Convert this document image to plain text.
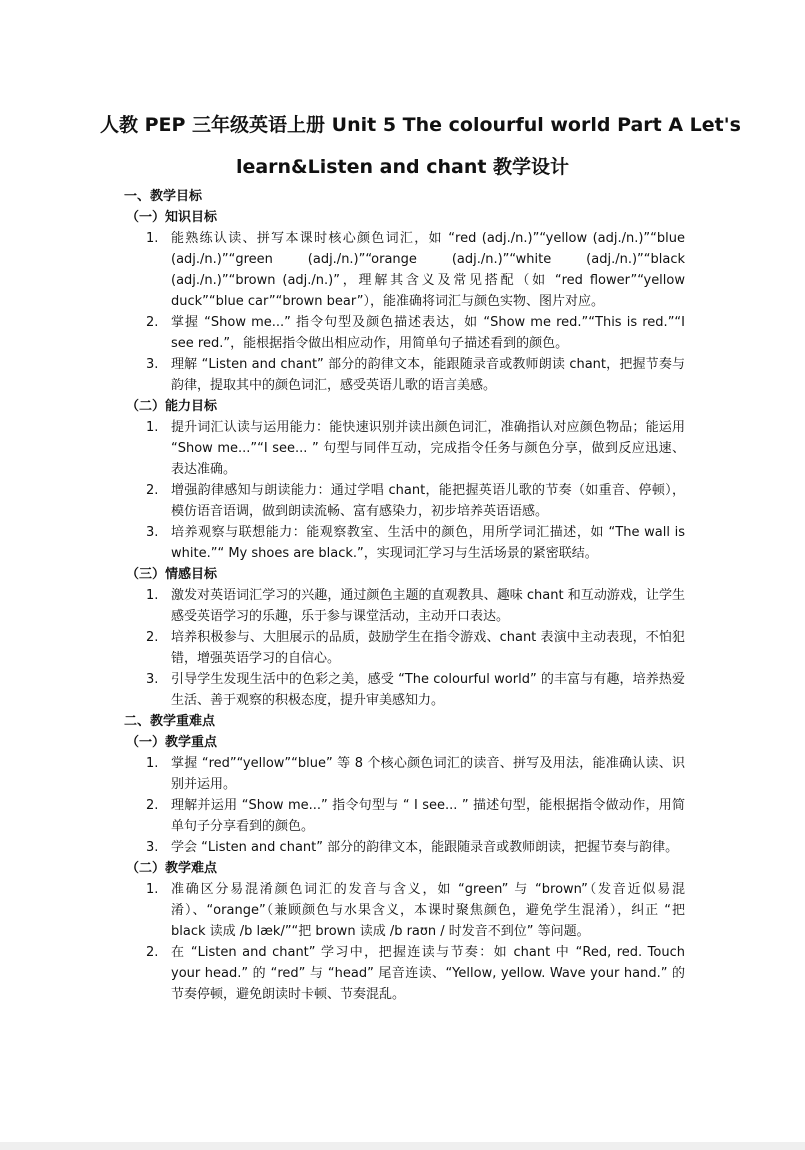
人教 PEP 三年级英语上册 Unit 5 The colourful world Part A Let's
learn&Listen and chant 教学设计
一、教学目标
（一）知识目标
1. 能熟练认读、拼写本课时核心颜色词汇，如 “red (adj./n.)”“yellow (adj./n.)”“blue (adj./n.)”“green (adj./n.)”“orange (adj./n.)”“white (adj./n.)”“black (adj./n.)”“brown (adj./n.)”，理解其含义及常见搭配（如 “red flower”“yellow duck”“blue car”“brown bear”），能准确将词汇与颜色实物、图片对应。
2. 掌握 “Show me...” 指令句型及颜色描述表达，如 “Show me red.”“This is red.”“I see red.”，能根据指令做出相应动作，用简单句子描述看到的颜色。
3. 理解 “Listen and chant” 部分的韵律文本，能跟随录音或教师朗读 chant，把握节奏与韵律，提取其中的颜色词汇，感受英语儿歌的语言美感。
（二）能力目标
1. 提升词汇认读与运用能力：能快速识别并读出颜色词汇，准确指认对应颜色物品；能运用 “Show me...”“I see... ” 句型与同伴互动，完成指令任务与颜色分享，做到反应迅速、表达准确。
2. 增强韵律感知与朗读能力：通过学唱 chant，能把握英语儿歌的节奏（如重音、停顿），模仿语音语调，做到朗读流畅、富有感染力，初步培养英语语感。
3. 培养观察与联想能力：能观察教室、生活中的颜色，用所学词汇描述，如 “The wall is white.”“ My shoes are black.”，实现词汇学习与生活场景的紧密联结。
（三）情感目标
1. 激发对英语词汇学习的兴趣，通过颜色主题的直观教具、趣味 chant 和互动游戏，让学生感受英语学习的乐趣，乐于参与课堂活动，主动开口表达。
2. 培养积极参与、大胆展示的品质，鼓励学生在指令游戏、chant 表演中主动表现，不怕犯错，增强英语学习的自信心。
3. 引导学生发现生活中的色彩之美，感受 “The colourful world” 的丰富与有趣，培养热爱生活、善于观察的积极态度，提升审美感知力。
二、教学重难点
（一）教学重点
1. 掌握 “red”“yellow”“blue” 等 8 个核心颜色词汇的读音、拼写及用法，能准确认读、识别并运用。
2. 理解并运用 “Show me...” 指令句型与 “ I see... ” 描述句型，能根据指令做动作，用简单句子分享看到的颜色。
3. 学会 “Listen and chant” 部分的韵律文本，能跟随录音或教师朗读，把握节奏与韵律。
（二）教学难点
1. 准确区分易混淆颜色词汇的发音与含义，如 “green” 与 “brown”（发音近似易混淆）、“orange”（兼顾颜色与水果含义，本课时聚焦颜色，避免学生混淆），纠正 “把 black 读成 /b læk/”“把 brown 读成 /b raʊn / 时发音不到位” 等问题。
2. 在 “Listen and chant” 学习中，把握连读与节奏：如 chant 中 “Red, red. Touch your head.” 的 “red” 与 “head” 尾音连读、“Yellow, yellow. Wave your hand.” 的节奏停顿，避免朗读时卡顿、节奏混乱。
